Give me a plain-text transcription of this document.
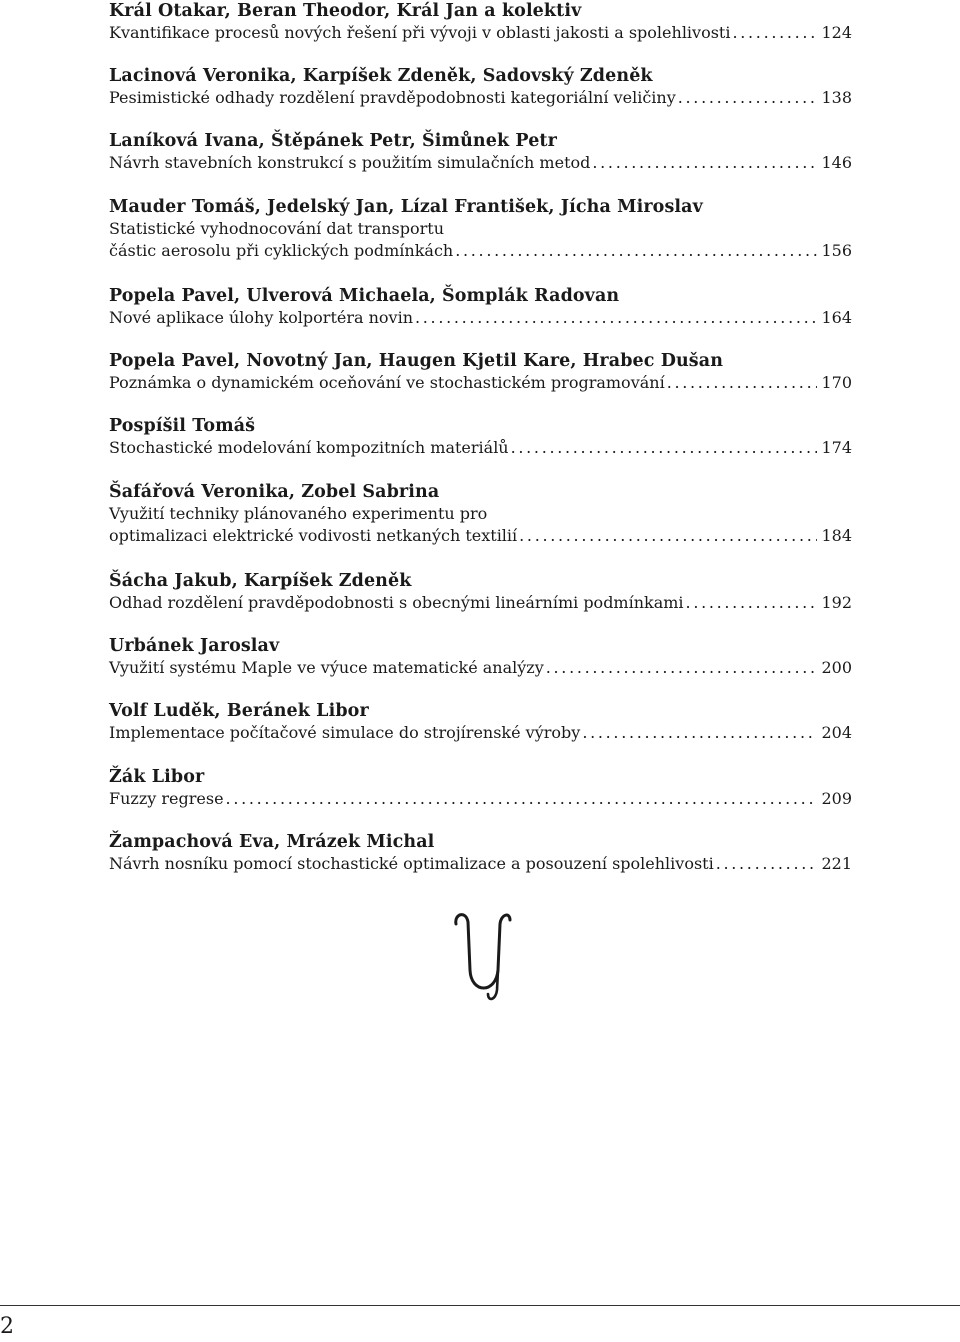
Král Otakar, Beran Theodor, Král Jan a kolektiv
Kvantifikace procesů nových řešení při vývoji v oblasti jakosti a spolehlivosti . . .	124
Lacinová Veronika, Karpíšek Zdeněk, Sadovský Zdeněk
Pesimistické odhady rozdělení pravděpodobnosti kategoriální veličiny . . .	138
Laníková Ivana, Štěpánek Petr, Šimůnek Petr
Návrh stavebních konstrukcí s použitím simulačních metod . . .	146
Mauder Tomáš, Jedelský Jan, Lízal František, Jícha Miroslav
Statistické vyhodnocování dat transportu
částic aerosolu při cyklických podmínkách . . .	156
Popela Pavel, Ulverová Michaela, Šomplák Radovan
Nové aplikace úlohy kolportéra novin . . .	164
Popela Pavel, Novotný Jan, Haugen Kjetil Kare, Hrabec Dušan
Poznámka o dynamickém oceňování ve stochastickém programování . . .	170
Pospíšil Tomáš
Stochastické modelování kompozitních materiálů . . .	174
Šafářová Veronika, Zobel Sabrina
Využití techniky plánovaného experimentu pro
optimalizaci elektrické vodivosti netkaných textilií . . .	184
Šácha Jakub, Karpíšek Zdeněk
Odhad rozdělení pravděpodobnosti s obecnými lineárními podmínkami . . .	192
Urbánek Jaroslav
Využití systému Maple ve výuce matematické analýzy . . .	200
Volf Luděk, Beránek Libor
Implementace počítačové simulace do strojírenské výroby . . .	204
Žák Libor
Fuzzy regrese . . .	209
Žampachová Eva, Mrázek Michal
Návrh nosníku pomocí stochastické optimalizace a posouzení spolehlivosti . . .	221
2
